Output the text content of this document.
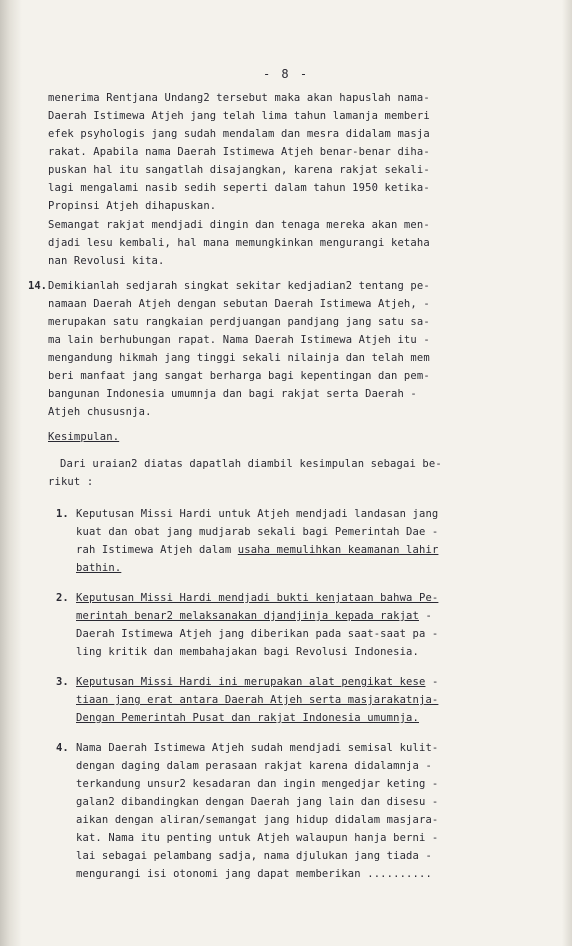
- 8 -
menerima Rentjana Undang2 tersebut maka akan hapuslah nama-
Daerah Istimewa Atjeh jang telah lima tahun lamanja memberi
efek psyhologis jang sudah mendalam dan mesra didalam masja
rakat. Apabila nama Daerah Istimewa Atjeh benar-benar diha-
puskan hal itu sangatlah disajangkan, karena rakjat sekali-
lagi mengalami nasib sedih seperti dalam tahun 1950 ketika-
Propinsi Atjeh dihapuskan.
Semangat rakjat mendjadi dingin dan tenaga mereka akan men-
djadi lesu kembali, hal mana memungkinkan mengurangi ketaha
nan Revolusi kita.
14. Demikianlah sedjarah singkat sekitar kedjadian2 tentang pe-
namaan Daerah Atjeh dengan sebutan Daerah Istimewa Atjeh, -
merupakan satu rangkaian perdjuangan pandjang jang satu sa-
ma lain berhubungan rapat. Nama Daerah Istimewa Atjeh itu -
mengandung hikmah jang tinggi sekali nilainja dan telah mem
beri manfaat jang sangat berharga bagi kepentingan dan pem-
bangunan Indonesia umumnja dan bagi rakjat serta Daerah -
Atjeh chususnja.
Kesimpulan.
Dari uraian2 diatas dapatlah diambil kesimpulan sebagai be-
rikut :
1. Keputusan Missi Hardi untuk Atjeh mendjadi landasan jang
kuat dan obat jang mudjarab sekali bagi Pemerintah Dae -
rah Istimewa Atjeh dalam usaha memulihkan keamanan lahir
bathin.
2. Keputusan Missi Hardi mendjadi bukti kenjataan bahwa Pe-
merintah benar2 melaksanakan djandjinja kepada rakjat -
Daerah Istimewa Atjeh jang diberikan pada saat-saat pa -
ling kritik dan membahajakan bagi Revolusi Indonesia.
3. Keputusan Missi Hardi ini merupakan alat pengikat kese -
tiaan jang erat antara Daerah Atjeh serta masjarakatnja-
Dengan Pemerintah Pusat dan rakjat Indonesia umumnja.
4. Nama Daerah Istimewa Atjeh sudah mendjadi semisal kulit-
dengan daging dalam perasaan rakjat karena didalamnja -
terkandung unsur2 kesadaran dan ingin mengedjar keting -
galan2 dibandingkan dengan Daerah jang lain dan disesu -
aikan dengan aliran/semangat jang hidup didalam masjara-
kat. Nama itu penting untuk Atjeh walaupun hanja berni -
lai sebagai pelambang sadja, nama djulukan jang tiada -
mengurangi isi otonomi jang dapat memberikan ..........
